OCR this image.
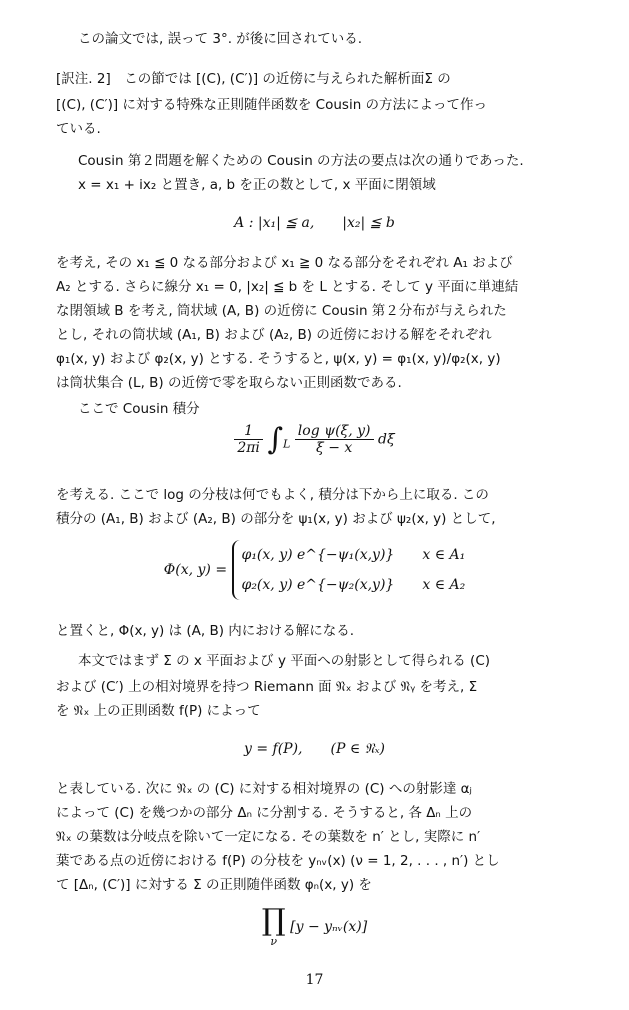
この論文では, 誤って 3°. が後に回されている.
[訳注. 2]　この節では [(C), (C′)] の近傍に与えられた解析面Σ の
[(C), (C′)] に対する特殊な正則随伴函数を Cousin の方法によって作っ
ている.
Cousin 第２問題を解くための Cousin の方法の要点は次の通りであった.
x = x₁ + ix₂ と置き, a, b を正の数として, x 平面に閉領域
A : |x₁| ≦ a,　　|x₂| ≦ b
を考え, その x₁ ≦ 0 なる部分および x₁ ≧ 0 なる部分をそれぞれ A₁ および
A₂ とする. さらに線分 x₁ = 0, |x₂| ≦ b を L とする. そして y 平面に単連結
な閉領域 B を考え, 筒状域 (A, B) の近傍に Cousin 第２分布が与えられた
とし, それの筒状域 (A₁, B) および (A₂, B) の近傍における解をそれぞれ
φ₁(x, y) および φ₂(x, y) とする. そうすると, ψ(x, y) = φ₁(x, y)/φ₂(x, y)
は筒状集合 (L, B) の近傍で零を取らない正則函数である.
ここで Cousin 積分
$\frac{1}{2\pi i} \int_L \frac{\text{log ψ(ξ, y)}}{\xi - x}$ dξ
を考える. ここで log の分枝は何でもよく, 積分は下から上に取る. この
積分の (A₁, B) および (A₂, B) の部分を ψ₁(x, y) および ψ₂(x, y) として,
Φ(x, y) =
φ₁(x, y) e^{−ψ₁(x,y)}　　 x ∈ A₁
φ₂(x, y) e^{−ψ₂(x,y)}　　 x ∈ A₂
と置くと, Φ(x, y) は (A, B) 内における解になる.
本文ではまず Σ の x 平面および y 平面への射影として得られる (C)
および (C′) 上の相対境界を持つ Riemann 面 𝔑ₓ および 𝔑ᵧ を考え, Σ
を 𝔑ₓ 上の正則函数 f(P) によって
y = f(P),　　(P ∈ 𝔑ₓ)
と表している. 次に 𝔑ₓ の (C) に対する相対境界の (C) への射影達 αⱼ
によって (C) を幾つかの部分 Δₙ に分割する. そうすると, 各 Δₙ 上の
𝔑ₓ の葉数は分岐点を除いて一定になる. その葉数を n′ とし, 実際に n′
葉である点の近傍における f(P) の分枝を yₙᵥ(x) (ν = 1, 2, . . . , n′) とし
て [Δₙ, (C′)] に対する Σ の正則随伴函数 φₙ(x, y) を
∏
ν
[y − yₙᵥ(x)]
17
